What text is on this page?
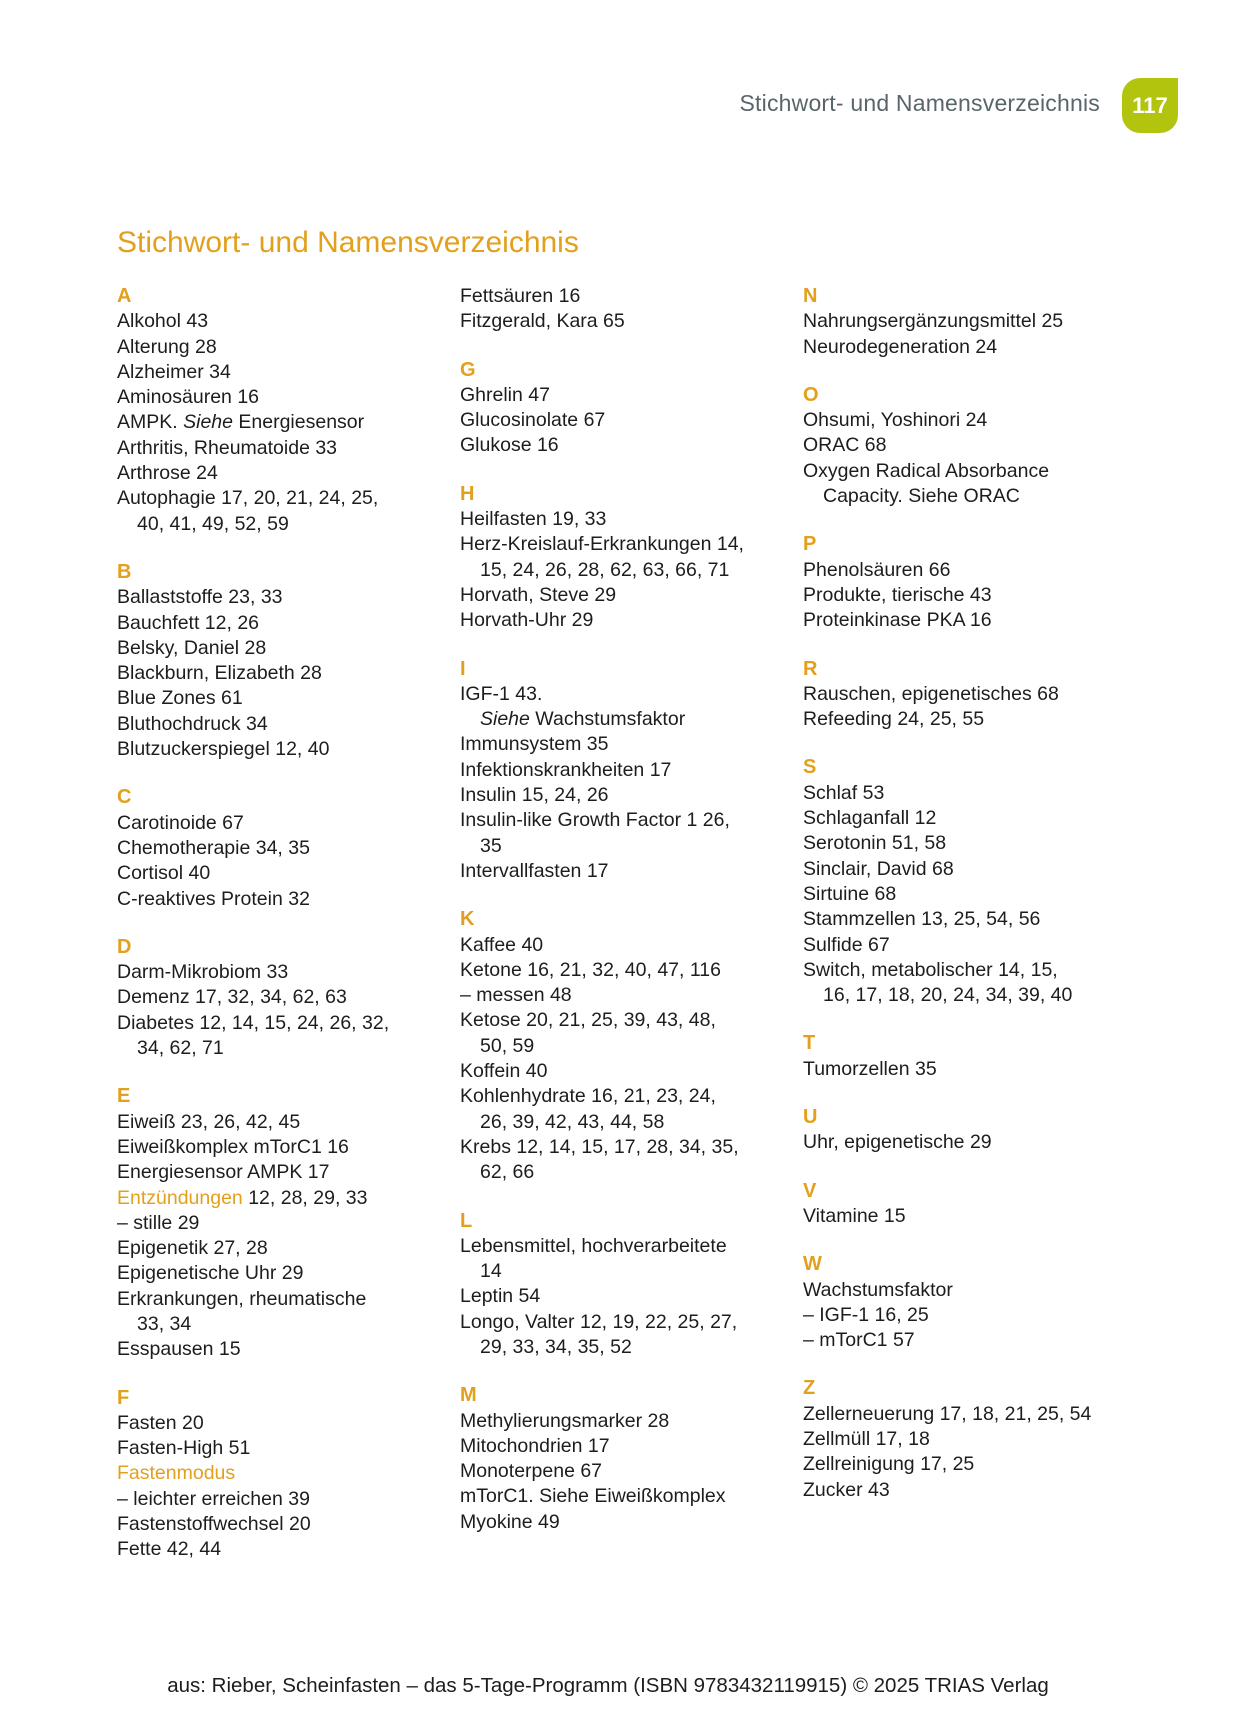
Stichwort- und Namensverzeichnis	117
Stichwort- und Namensverzeichnis
A
Alkohol 43
Alterung 28
Alzheimer 34
Aminosäuren 16
AMPK. Siehe Energiesensor
Arthritis, Rheumatoide 33
Arthrose 24
Autophagie 17, 20, 21, 24, 25,
40, 41, 49, 52, 59
B
Ballaststoffe 23, 33
Bauchfett 12, 26
Belsky, Daniel 28
Blackburn, Elizabeth 28
Blue Zones 61
Bluthochdruck 34
Blutzuckerspiegel 12, 40
C
Carotinoide 67
Chemotherapie 34, 35
Cortisol 40
C-reaktives Protein 32
D
Darm-Mikrobiom 33
Demenz 17, 32, 34, 62, 63
Diabetes 12, 14, 15, 24, 26, 32,
34, 62, 71
E
Eiweiß 23, 26, 42, 45
Eiweißkomplex mTorC1 16
Energiesensor AMPK 17
Entzündungen 12, 28, 29, 33
– stille 29
Epigenetik 27, 28
Epigenetische Uhr 29
Erkrankungen, rheumatische
33, 34
Esspausen 15
F
Fasten 20
Fasten-High 51
Fastenmodus
– leichter erreichen 39
Fastenstoffwechsel 20
Fette 42, 44
Fettsäuren 16
Fitzgerald, Kara 65
G
Ghrelin 47
Glucosinolate 67
Glukose 16
H
Heilfasten 19, 33
Herz-Kreislauf-Erkrankungen 14,
15, 24, 26, 28, 62, 63, 66, 71
Horvath, Steve 29
Horvath-Uhr 29
I
IGF-1 43.
Siehe Wachstumsfaktor
Immunsystem 35
Infektionskrankheiten 17
Insulin 15, 24, 26
Insulin-like Growth Factor 1 26,
35
Intervallfasten 17
K
Kaffee 40
Ketone 16, 21, 32, 40, 47, 116
– messen 48
Ketose 20, 21, 25, 39, 43, 48,
50, 59
Koffein 40
Kohlenhydrate 16, 21, 23, 24,
26, 39, 42, 43, 44, 58
Krebs 12, 14, 15, 17, 28, 34, 35,
62, 66
L
Lebensmittel, hochverarbeitete
14
Leptin 54
Longo, Valter 12, 19, 22, 25, 27,
29, 33, 34, 35, 52
M
Methylierungsmarker 28
Mitochondrien 17
Monoterpene 67
mTorC1. Siehe Eiweißkomplex
Myokine 49
N
Nahrungsergänzungsmittel 25
Neurodegeneration 24
O
Ohsumi, Yoshinori 24
ORAC 68
Oxygen Radical Absorbance
Capacity. Siehe ORAC
P
Phenolsäuren 66
Produkte, tierische 43
Proteinkinase PKA 16
R
Rauschen, epigenetisches 68
Refeeding 24, 25, 55
S
Schlaf 53
Schlaganfall 12
Serotonin 51, 58
Sinclair, David 68
Sirtuine 68
Stammzellen 13, 25, 54, 56
Sulfide 67
Switch, metabolischer 14, 15,
16, 17, 18, 20, 24, 34, 39, 40
T
Tumorzellen 35
U
Uhr, epigenetische 29
V
Vitamine 15
W
Wachstumsfaktor
– IGF-1 16, 25
– mTorC1 57
Z
Zellerneuerung 17, 18, 21, 25, 54
Zellmüll 17, 18
Zellreinigung 17, 25
Zucker 43
aus: Rieber, Scheinfasten – das 5-Tage-Programm (ISBN 9783432119915) © 2025 TRIAS Verlag
